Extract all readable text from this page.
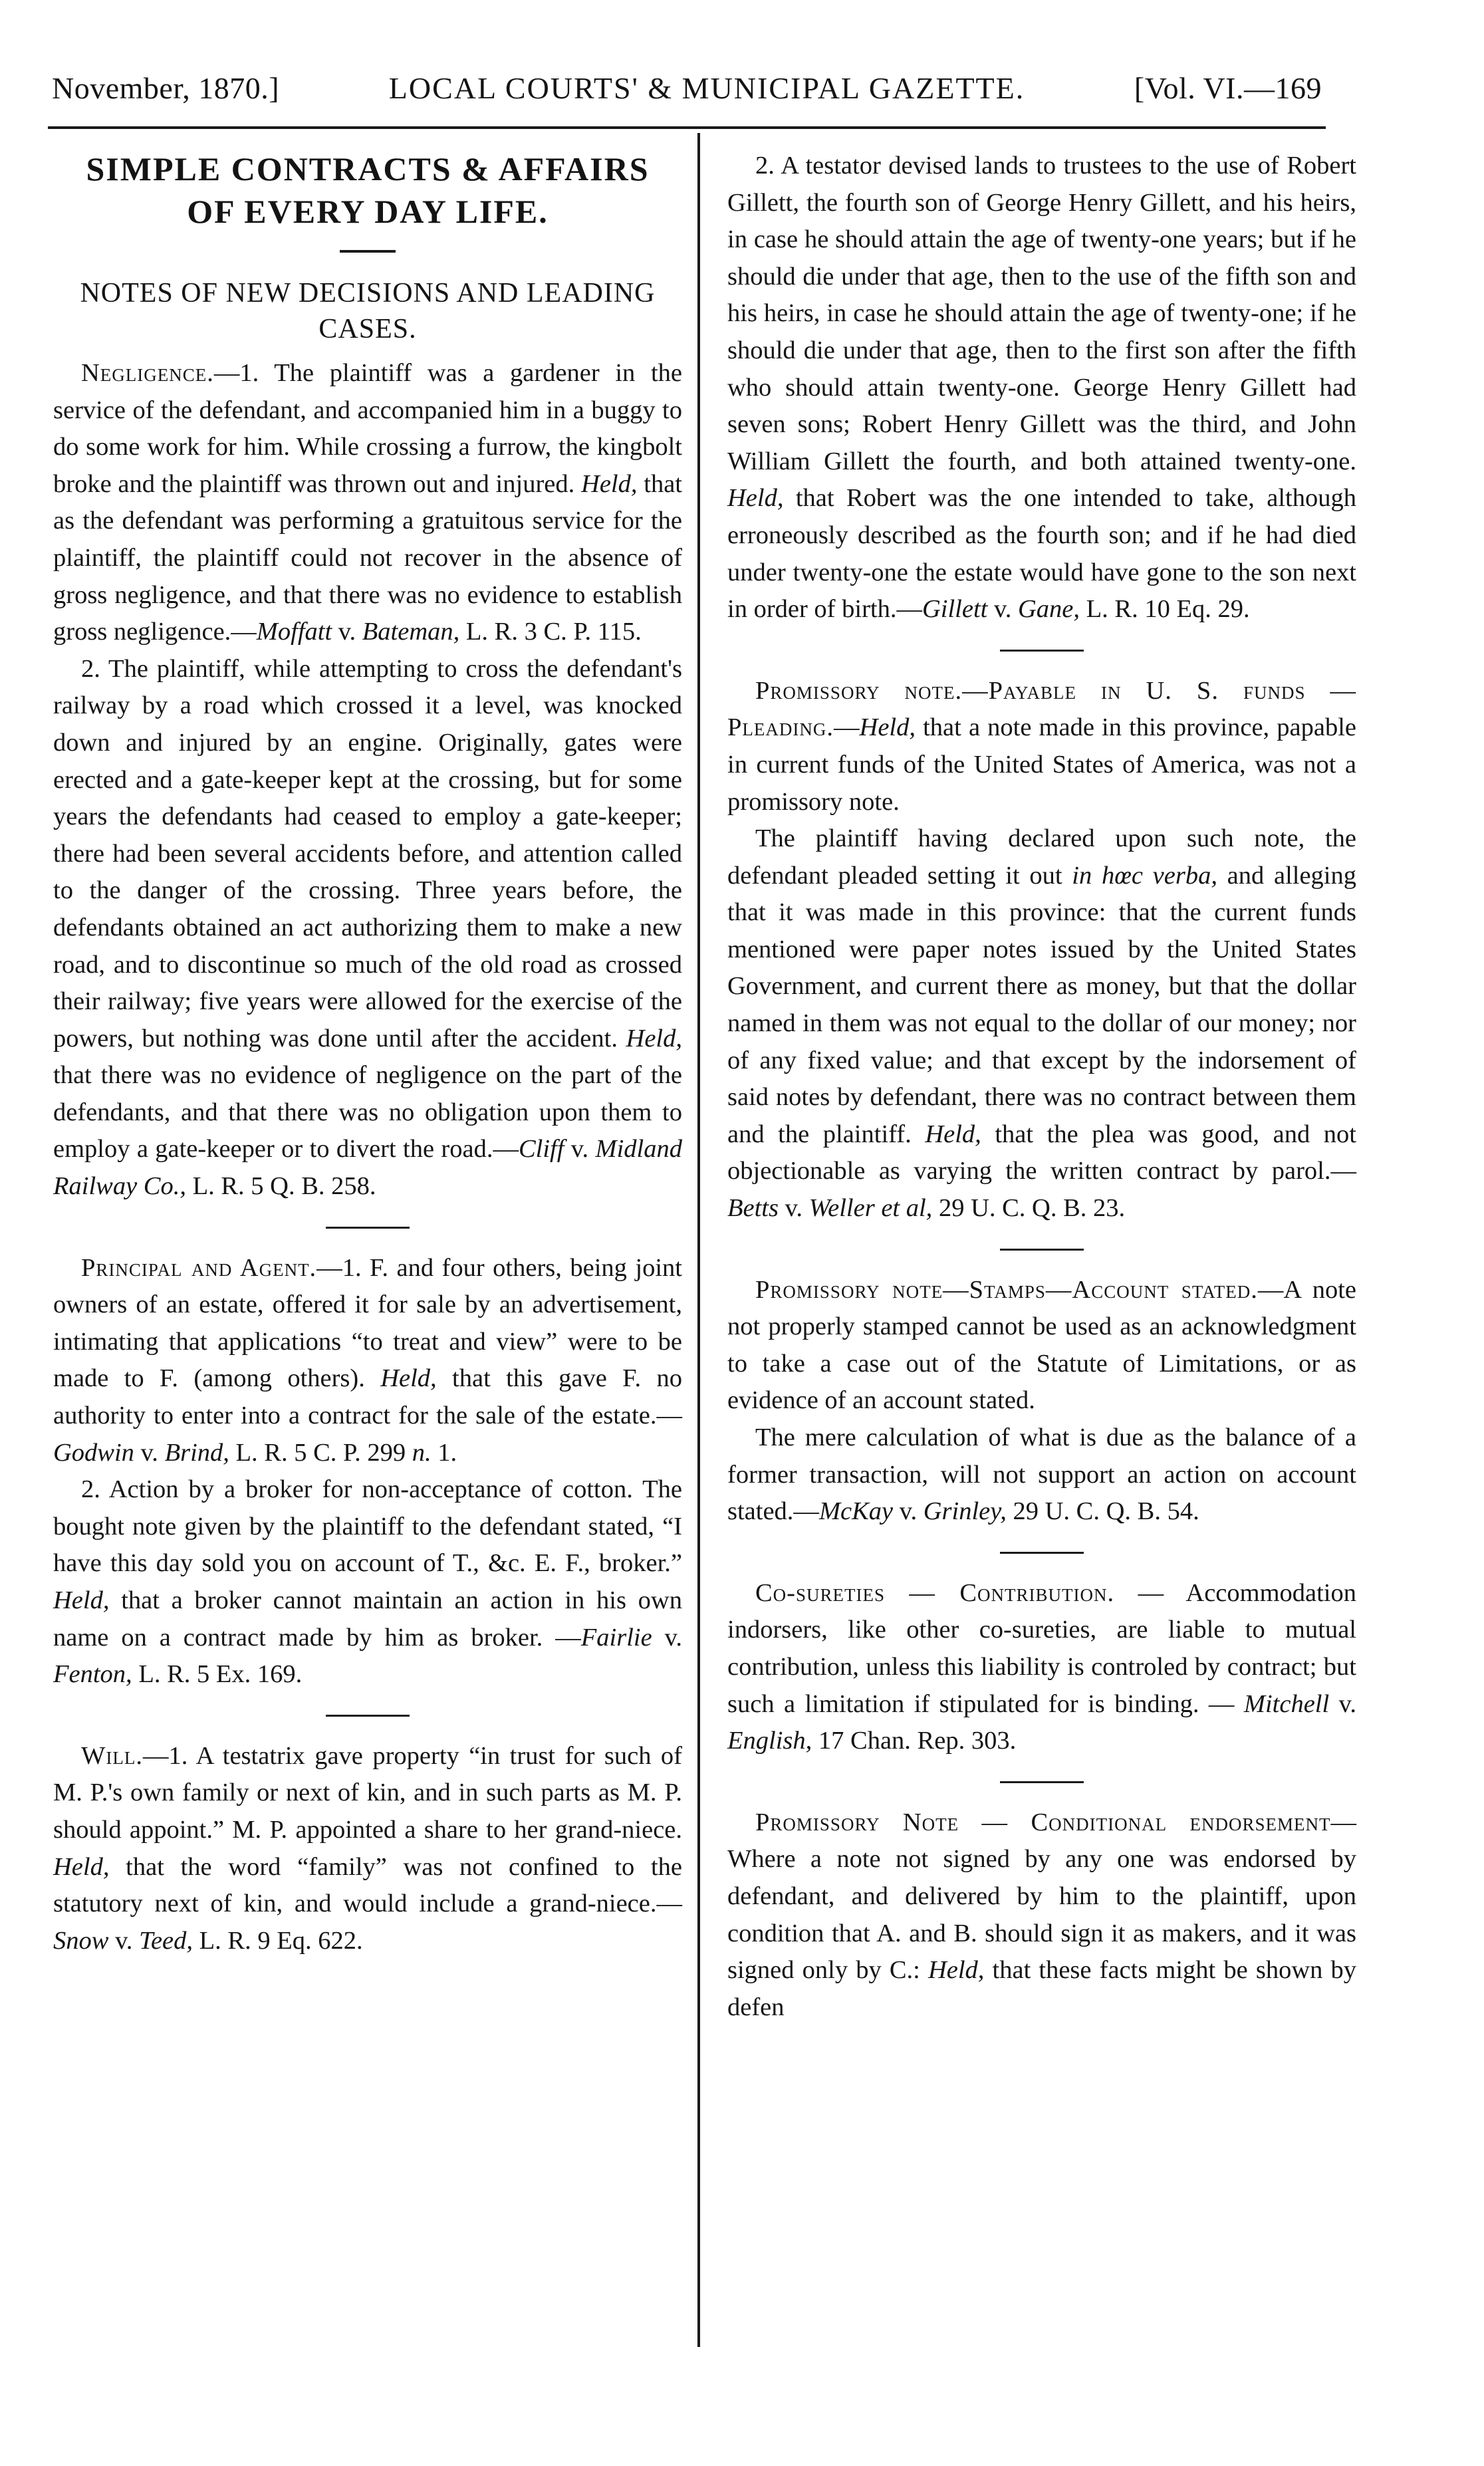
November, 1870.]	LOCAL COURTS' & MUNICIPAL GAZETTE.	[Vol. VI.—169
SIMPLE CONTRACTS & AFFAIRS
OF EVERY DAY LIFE.
NOTES OF NEW DECISIONS AND LEADING CASES.

Negligence.—1. The plaintiff was a gardener in the service of the defendant, and accompanied him in a buggy to do some work for him. While crossing a furrow, the kingbolt broke and the plaintiff was thrown out and injured. Held, that as the defendant was performing a gratuitous service for the plaintiff, the plaintiff could not recover in the absence of gross negligence, and that there was no evidence to establish gross negligence.—Moffatt v. Bateman, L. R. 3 C. P. 115.

2. The plaintiff, while attempting to cross the defendant's railway by a road which crossed it a level, was knocked down and injured by an engine. Originally, gates were erected and a gate-keeper kept at the crossing, but for some years the defendants had ceased to employ a gate-keeper; there had been several accidents before, and attention called to the danger of the crossing. Three years before, the defendants obtained an act authorizing them to make a new road, and to discontinue so much of the old road as crossed their railway; five years were allowed for the exercise of the powers, but nothing was done until after the accident. Held, that there was no evidence of negligence on the part of the defendants, and that there was no obligation upon them to employ a gate-keeper or to divert the road.—Cliff v. Midland Railway Co., L. R. 5 Q. B. 258.

Principal and Agent.—1. F. and four others, being joint owners of an estate, offered it for sale by an advertisement, intimating that applications “to treat and view” were to be made to F. (among others). Held, that this gave F. no authority to enter into a contract for the sale of the estate.—Godwin v. Brind, L. R. 5 C. P. 299 n. 1.

2. Action by a broker for non-acceptance of cotton. The bought note given by the plaintiff to the defendant stated, “I have this day sold you on account of T., &c. E. F., broker.” Held, that a broker cannot maintain an action in his own name on a contract made by him as broker. —Fairlie v. Fenton, L. R. 5 Ex. 169.

Will.—1. A testatrix gave property “in trust for such of M. P.'s own family or next of kin, and in such parts as M. P. should appoint.” M. P. appointed a share to her grand-niece. Held, that the word “family” was not confined to the statutory next of kin, and would include a grand-niece.—Snow v. Teed, L. R. 9 Eq. 622.

2. A testator devised lands to trustees to the use of Robert Gillett, the fourth son of George Henry Gillett, and his heirs, in case he should attain the age of twenty-one years; but if he should die under that age, then to the use of the fifth son and his heirs, in case he should attain the age of twenty-one; if he should die under that age, then to the first son after the fifth who should attain twenty-one. George Henry Gillett had seven sons; Robert Henry Gillett was the third, and John William Gillett the fourth, and both attained twenty-one. Held, that Robert was the one intended to take, although erroneously described as the fourth son; and if he had died under twenty-one the estate would have gone to the son next in order of birth.—Gillett v. Gane, L. R. 10 Eq. 29.

Promissory note.—Payable in U. S. funds —Pleading.—Held, that a note made in this province, papable in current funds of the United States of America, was not a promissory note.

The plaintiff having declared upon such note, the defendant pleaded setting it out in hœc verba, and alleging that it was made in this province: that the current funds mentioned were paper notes issued by the United States Government, and current there as money, but that the dollar named in them was not equal to the dollar of our money; nor of any fixed value; and that except by the indorsement of said notes by defendant, there was no contract between them and the plaintiff. Held, that the plea was good, and not objectionable as varying the written contract by parol.—Betts v. Weller et al, 29 U. C. Q. B. 23.

Promissory note—Stamps—Account stated.—A note not properly stamped cannot be used as an acknowledgment to take a case out of the Statute of Limitations, or as evidence of an account stated.

The mere calculation of what is due as the balance of a former transaction, will not support an action on account stated.—McKay v. Grinley, 29 U. C. Q. B. 54.

Co-sureties — Contribution. — Accommodation indorsers, like other co-sureties, are liable to mutual contribution, unless this liability is controled by contract; but such a limitation if stipulated for is binding. — Mitchell v. English, 17 Chan. Rep. 303.

Promissory Note — Conditional endorsement—Where a note not signed by any one was endorsed by defendant, and delivered by him to the plaintiff, upon condition that A. and B. should sign it as makers, and it was signed only by C.: Held, that these facts might be shown by defen
